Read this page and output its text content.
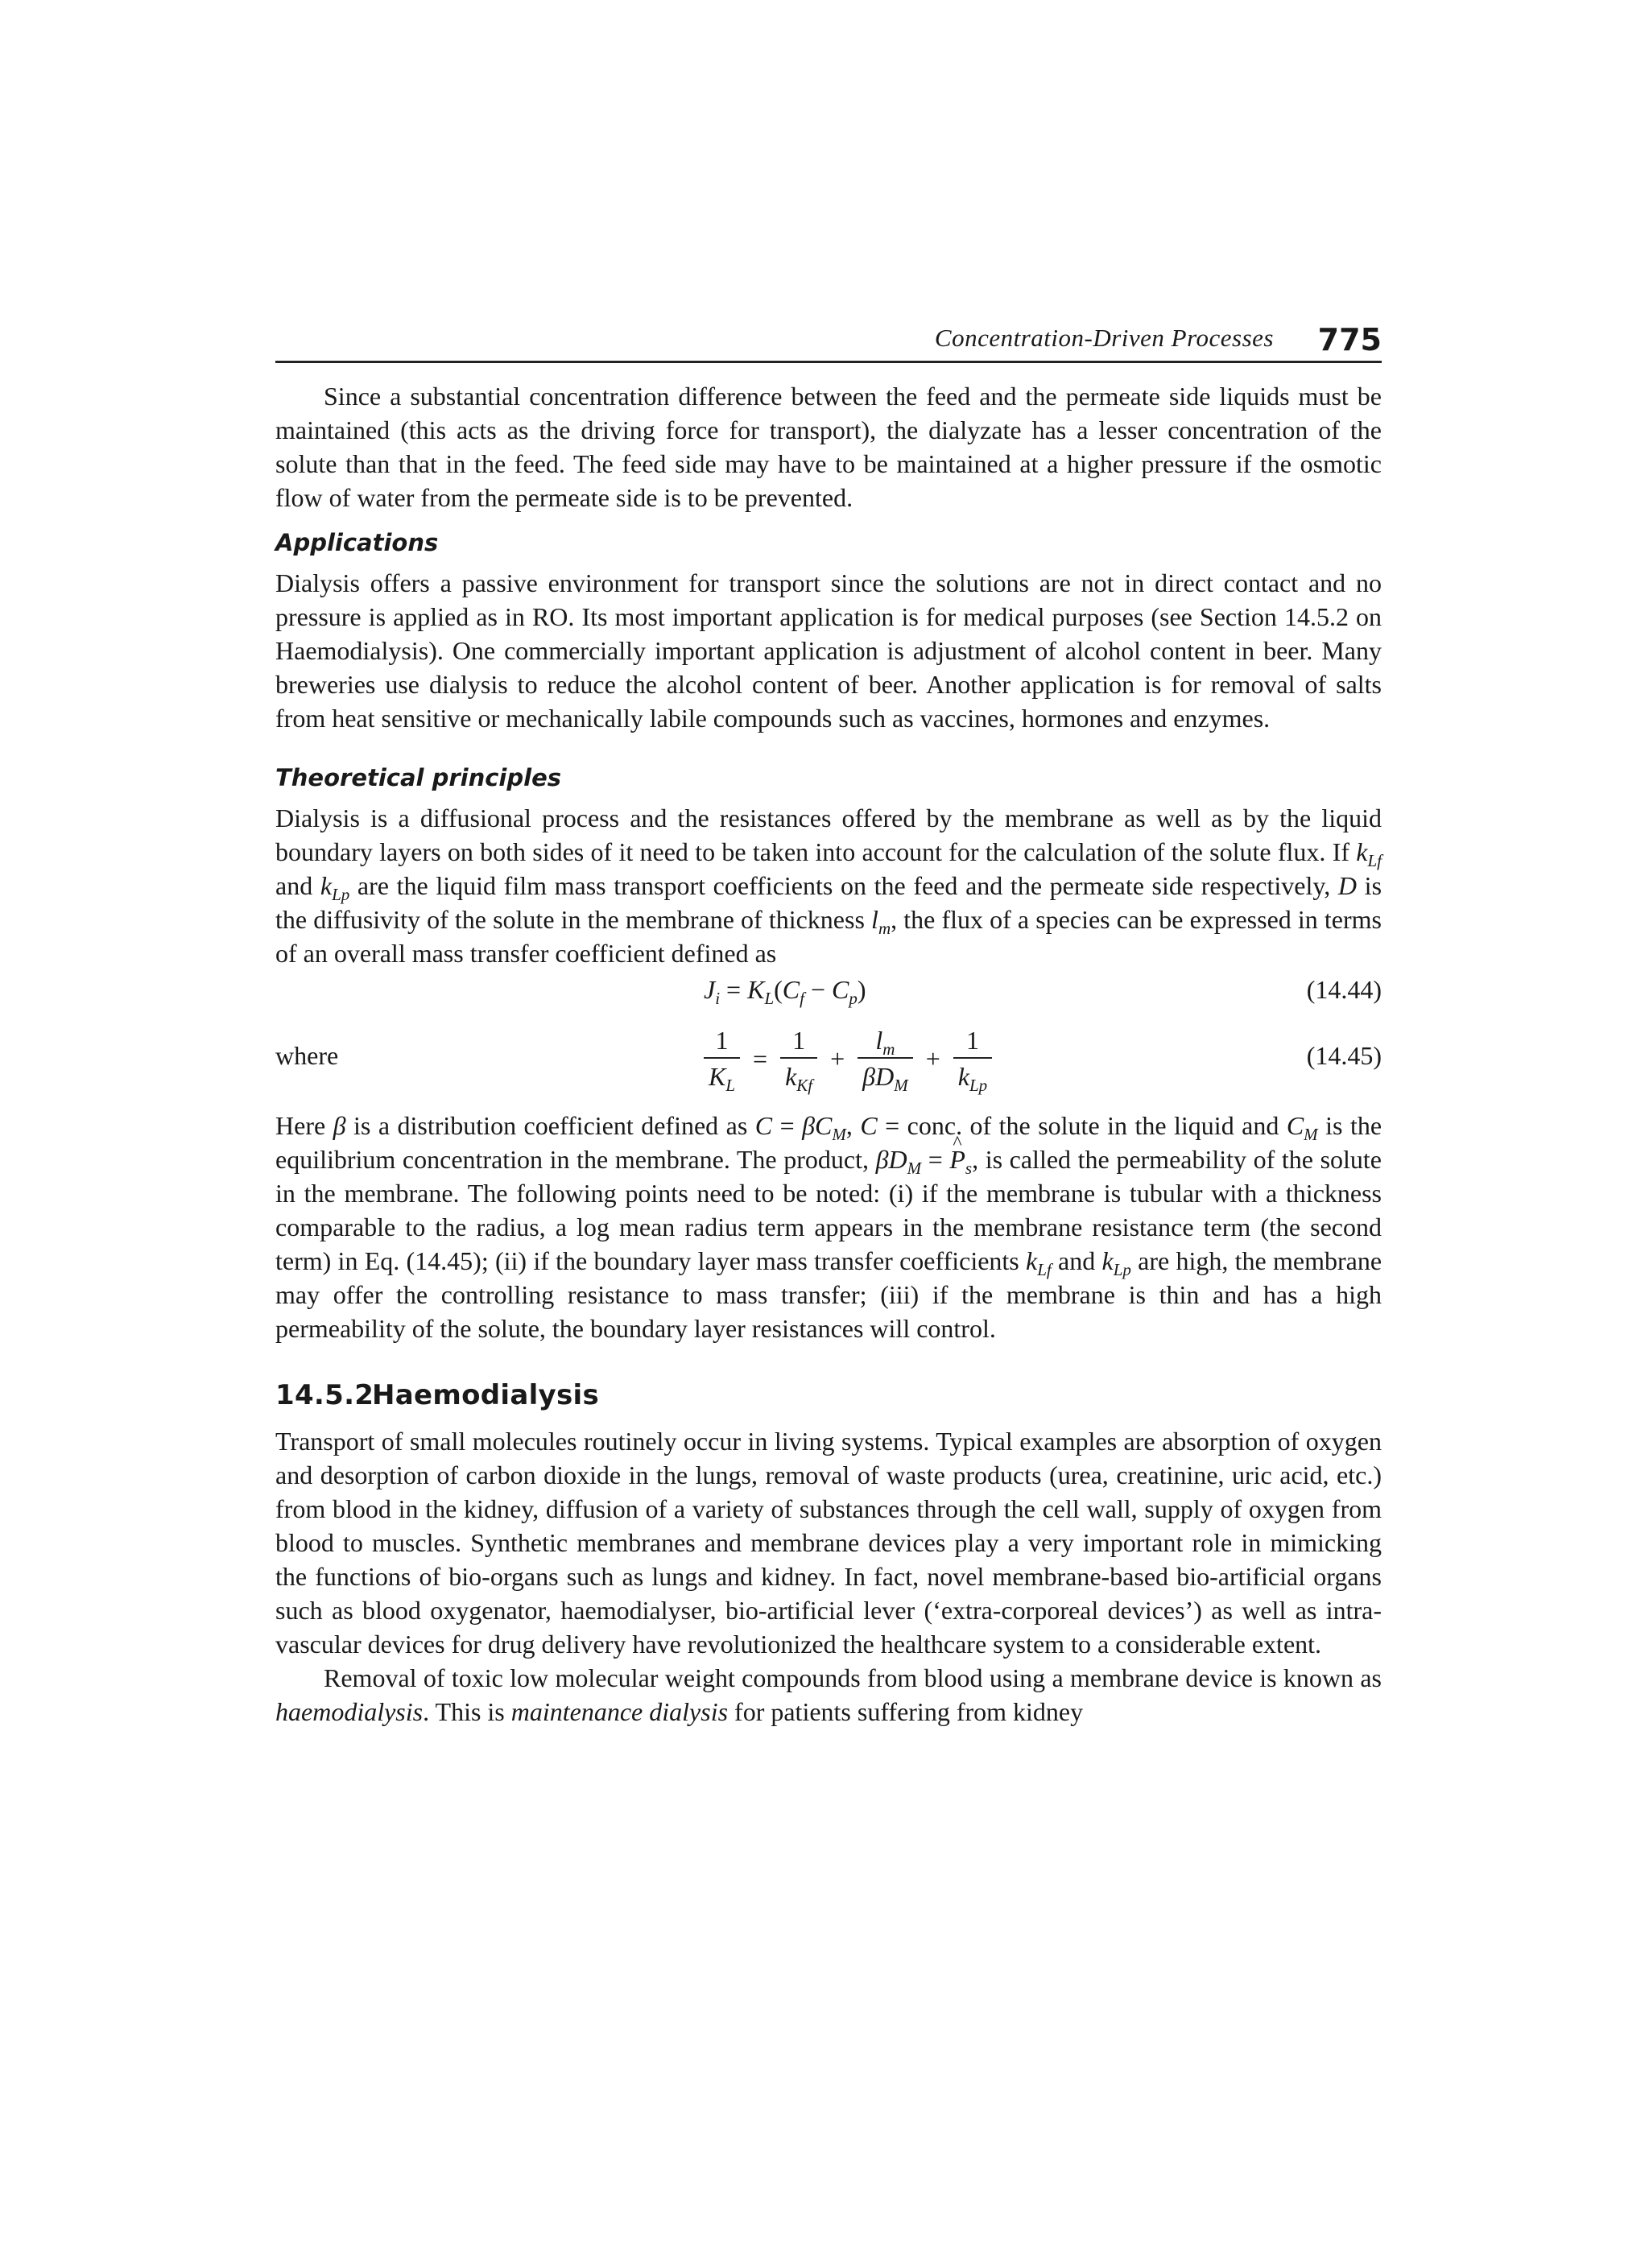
Concentration-Driven Processes 775

Since a substantial concentration difference between the feed and the permeate side liquids must be maintained (this acts as the driving force for transport), the dialyzate has a lesser concentration of the solute than that in the feed. The feed side may have to be maintained at a higher pressure if the osmotic flow of water from the permeate side is to be prevented.

Applications

Dialysis offers a passive environment for transport since the solutions are not in direct contact and no pressure is applied as in RO. Its most important application is for medical purposes (see Section 14.5.2 on Haemodialysis). One commercially important application is adjustment of alcohol content in beer. Many breweries use dialysis to reduce the alcohol content of beer. Another application is for removal of salts from heat sensitive or mechanically labile compounds such as vaccines, hormones and enzymes.

Theoretical principles

Dialysis is a diffusional process and the resistances offered by the membrane as well as by the liquid boundary layers on both sides of it need to be taken into account for the calculation of the solute flux. If $k_{Lf}$ and $k_{Lp}$ are the liquid film mass transport coefficients on the feed and the permeate side respectively, D is the diffusivity of the solute in the membrane of thickness $l_m$, the flux of a species can be expressed in terms of an overall mass transfer coefficient defined as

$J_i = K_L(C_f - C_p)$	(14.44)
where	$\frac{1}{K_L} = \frac{1}{k_{Kf}} + \frac{l_m}{\beta D_M} + \frac{1}{k_{Lp}}$	(14.45)

Here β is a distribution coefficient defined as $C = \beta C_M$, C = conc. of the solute in the liquid and $C_M$ is the equilibrium concentration in the membrane. The product, $\beta D_M$ = ^ $P_s$, is called the permeability of the solute in the membrane. The following points need to be noted: (i) if the membrane is tubular with a thickness comparable to the radius, a log mean radius term appears in the membrane resistance term (the second term) in Eq. (14.45); (ii) if the boundary layer mass transfer coefficients $k_{Lf}$ and $k_{Lp}$ are high, the membrane may offer the controlling resistance to mass transfer; (iii) if the membrane is thin and has a high permeability of the solute, the boundary layer resistances will control.

14.5.2Haemodialysis

Transport of small molecules routinely occur in living systems. Typical examples are absorption of oxygen and desorption of carbon dioxide in the lungs, removal of waste products (urea, creatinine, uric acid, etc.) from blood in the kidney, diffusion of a variety of substances through the cell wall, supply of oxygen from blood to muscles. Synthetic membranes and membrane devices play a very important role in mimicking the functions of bio-organs such as lungs and kidney. In fact, novel membrane-based bio-artificial organs such as blood oxygenator, haemodialyser, bio-artificial lever (‘extra-corporeal devices’) as well as intra-vascular devices for drug delivery have revolutionized the healthcare system to a considerable extent.

Removal of toxic low molecular weight compounds from blood using a membrane device is known as haemodialysis. This is maintenance dialysis for patients suffering from kidney
